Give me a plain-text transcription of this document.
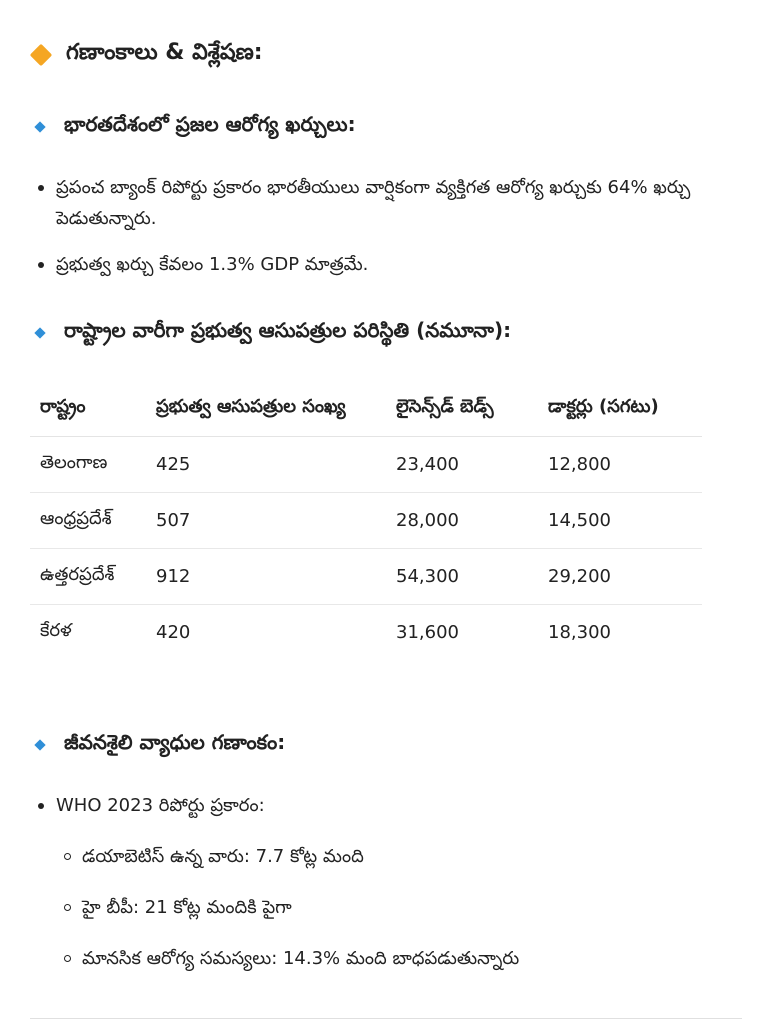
గణాంకాలు & విశ్లేషణ:
భారతదేశంలో ప్రజల ఆరోగ్య ఖర్చులు:
ప్రపంచ బ్యాంక్ రిపోర్టు ప్రకారం భారతీయులు వార్షికంగా వ్యక్తిగత ఆరోగ్య ఖర్చుకు 64% ఖర్చు పెడుతున్నారు.
ప్రభుత్వ ఖర్చు కేవలం 1.3% GDP మాత్రమే.
రాష్ట్రాల వారీగా ప్రభుత్వ ఆసుపత్రుల పరిస్థితి (నమూనా):
రాష్ట్రం	ప్రభుత్వ ఆసుపత్రుల సంఖ్య	లైసెన్స్‌డ్ బెడ్స్	డాక్టర్లు (సగటు)
తెలంగాణ	425	23,400	12,800
ఆంధ్రప్రదేశ్	507	28,000	14,500
ఉత్తరప్రదేశ్	912	54,300	29,200
కేరళ	420	31,600	18,300
జీవనశైలి వ్యాధుల గణాంకం:
WHO 2023 రిపోర్టు ప్రకారం:
డయాబెటిస్ ఉన్న వారు: 7.7 కోట్ల మంది
హై బీపీ: 21 కోట్ల మందికి పైగా
మానసిక ఆరోగ్య సమస్యలు: 14.3% మంది బాధపడుతున్నారు
